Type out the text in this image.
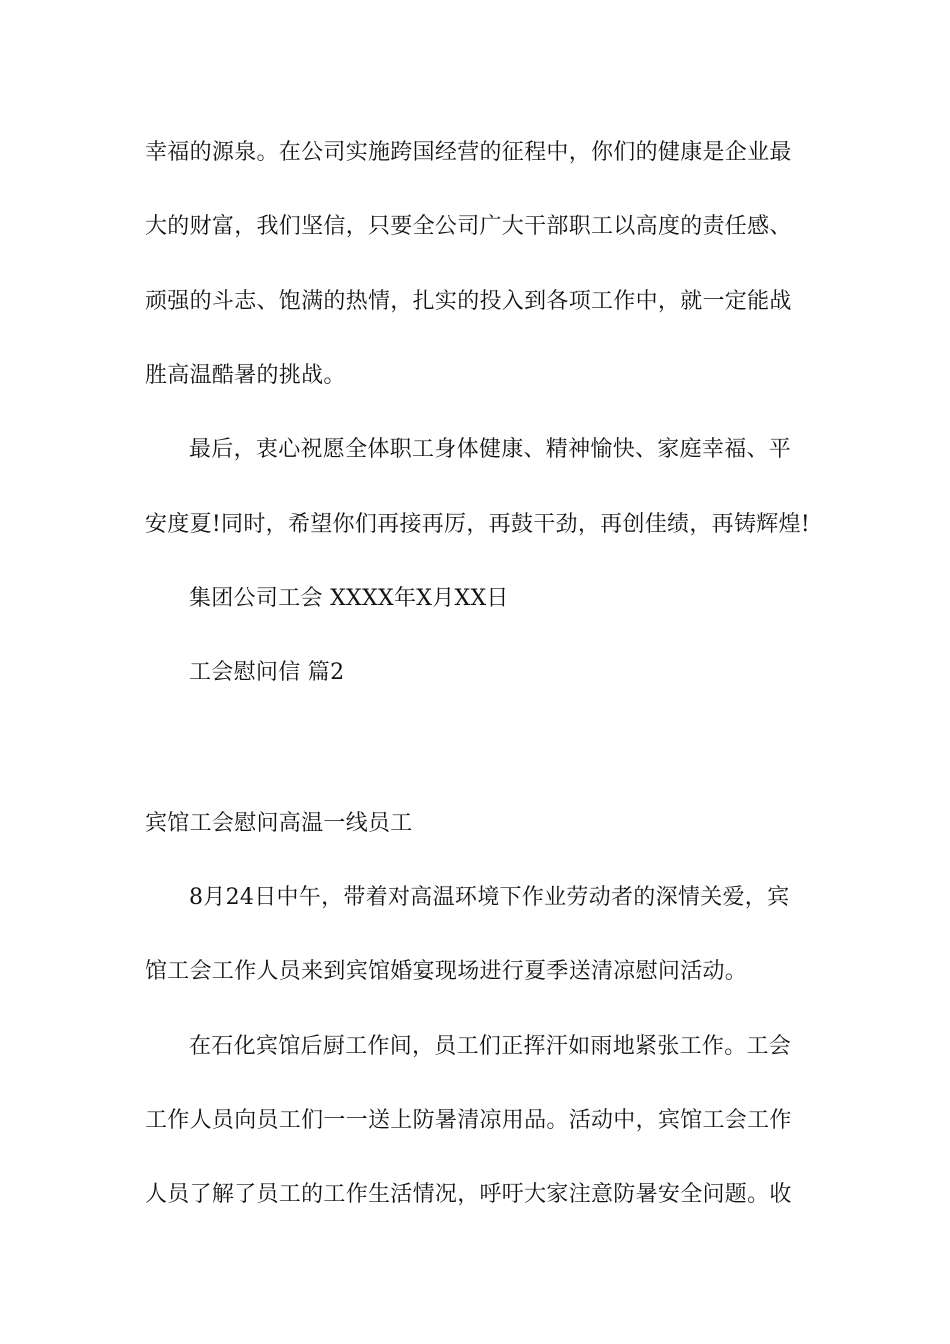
幸福的源泉。在公司实施跨国经营的征程中，你们的健康是企业最
大的财富，我们坚信，只要全公司广大干部职工以高度的责任感、
顽强的斗志、饱满的热情，扎实的投入到各项工作中，就一定能战
胜高温酷暑的挑战。
最后，衷心祝愿全体职工身体健康、精神愉快、家庭幸福、平
安度夏!同时，希望你们再接再厉，再鼓干劲，再创佳绩，再铸辉煌!
集团公司工会 XXXX年X月XX日
工会慰问信 篇2
宾馆工会慰问高温一线员工
8月24日中午，带着对高温环境下作业劳动者的深情关爱，宾
馆工会工作人员来到宾馆婚宴现场进行夏季送清凉慰问活动。
在石化宾馆后厨工作间，员工们正挥汗如雨地紧张工作。工会
工作人员向员工们一一送上防暑清凉用品。活动中，宾馆工会工作
人员了解了员工的工作生活情况，呼吁大家注意防暑安全问题。收
